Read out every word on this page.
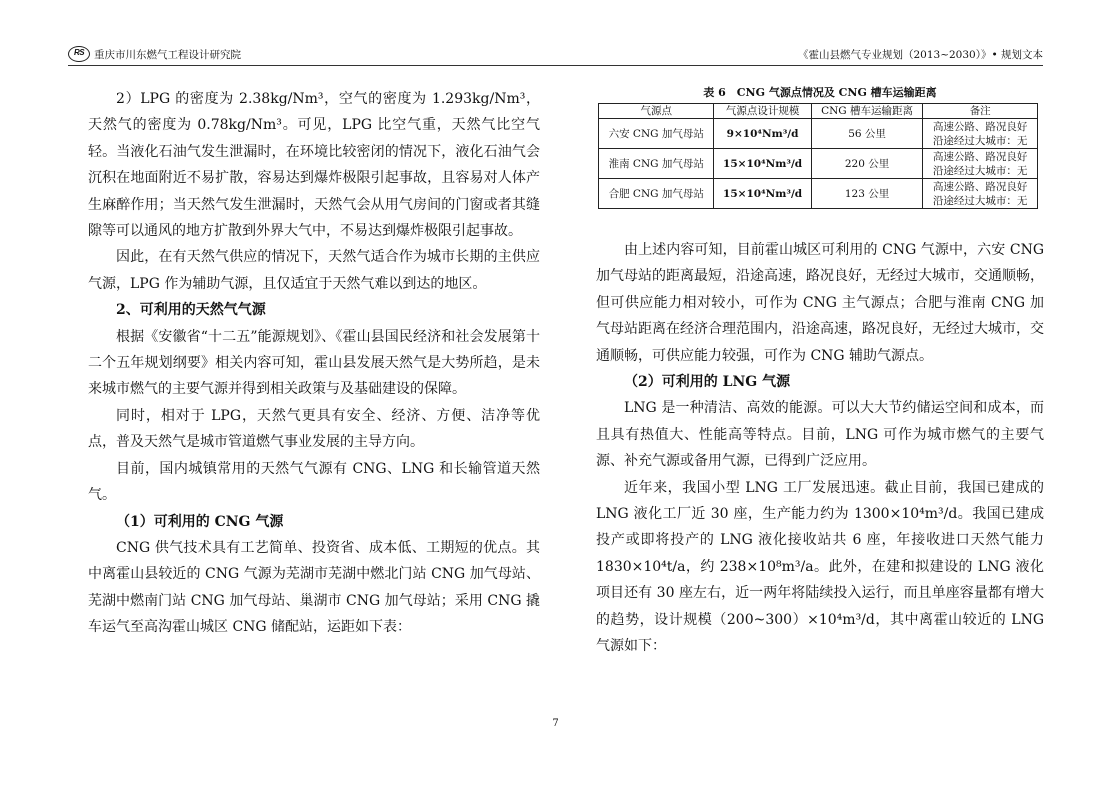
RS 重庆市川东燃气工程设计研究院	《霍山县燃气专业规划（2013~2030）》• 规划文本

2）LPG 的密度为 2.38kg/Nm³，空气的密度为 1.293kg/Nm³，天然气的密度为 0.78kg/Nm³。可见，LPG 比空气重，天然气比空气轻。当液化石油气发生泄漏时，在环境比较密闭的情况下，液化石油气会沉积在地面附近不易扩散，容易达到爆炸极限引起事故，且容易对人体产生麻醉作用；当天然气发生泄漏时，天然气会从用气房间的门窗或者其缝隙等可以通风的地方扩散到外界大气中，不易达到爆炸极限引起事故。

因此，在有天然气供应的情况下，天然气适合作为城市长期的主供应气源，LPG 作为辅助气源，且仅适宜于天然气难以到达的地区。

2、可利用的天然气气源

根据《安徽省“十二五”能源规划》、《霍山县国民经济和社会发展第十二个五年规划纲要》相关内容可知，霍山县发展天然气是大势所趋，是未来城市燃气的主要气源并得到相关政策与及基础建设的保障。

同时，相对于 LPG，天然气更具有安全、经济、方便、洁净等优点，普及天然气是城市管道燃气事业发展的主导方向。

目前，国内城镇常用的天然气气源有 CNG、LNG 和长输管道天然气。

（1）可利用的 CNG 气源

CNG 供气技术具有工艺简单、投资省、成本低、工期短的优点。其中离霍山县较近的 CNG 气源为芜湖市芜湖中燃北门站 CNG 加气母站、芜湖中燃南门站 CNG 加气母站、巢湖市 CNG 加气母站；采用 CNG 撬车运气至高沟霍山城区 CNG 储配站，运距如下表：

表 6　CNG 气源点情况及 CNG 槽车运输距离
气源点	气源点设计规模	CNG 槽车运输距离	备注
六安 CNG 加气母站	9×10⁴Nm³/d	56 公里	高速公路、路况良好
沿途经过大城市：无
淮南 CNG 加气母站	15×10⁴Nm³/d	220 公里	高速公路、路况良好
沿途经过大城市：无
合肥 CNG 加气母站	15×10⁴Nm³/d	123 公里	高速公路、路况良好
沿途经过大城市：无

由上述内容可知，目前霍山城区可利用的 CNG 气源中，六安 CNG 加气母站的距离最短，沿途高速，路况良好，无经过大城市，交通顺畅，但可供应能力相对较小，可作为 CNG 主气源点；合肥与淮南 CNG 加气母站距离在经济合理范围内，沿途高速，路况良好，无经过大城市，交通顺畅，可供应能力较强，可作为 CNG 辅助气源点。

（2）可利用的 LNG 气源

LNG 是一种清洁、高效的能源。可以大大节约储运空间和成本，而且具有热值大、性能高等特点。目前，LNG 可作为城市燃气的主要气源、补充气源或备用气源，已得到广泛应用。

近年来，我国小型 LNG 工厂发展迅速。截止目前，我国已建成的 LNG 液化工厂近 30 座，生产能力约为 1300×10⁴m³/d。我国已建成投产或即将投产的 LNG 液化接收站共 6 座，年接收进口天然气能力 1830×10⁴t/a，约 238×10⁸m³/a。此外，在建和拟建设的 LNG 液化项目还有 30 座左右，近一两年将陆续投入运行，而且单座容量都有增大的趋势，设计规模（200~300）×10⁴m³/d，其中离霍山较近的 LNG 气源如下：

7
